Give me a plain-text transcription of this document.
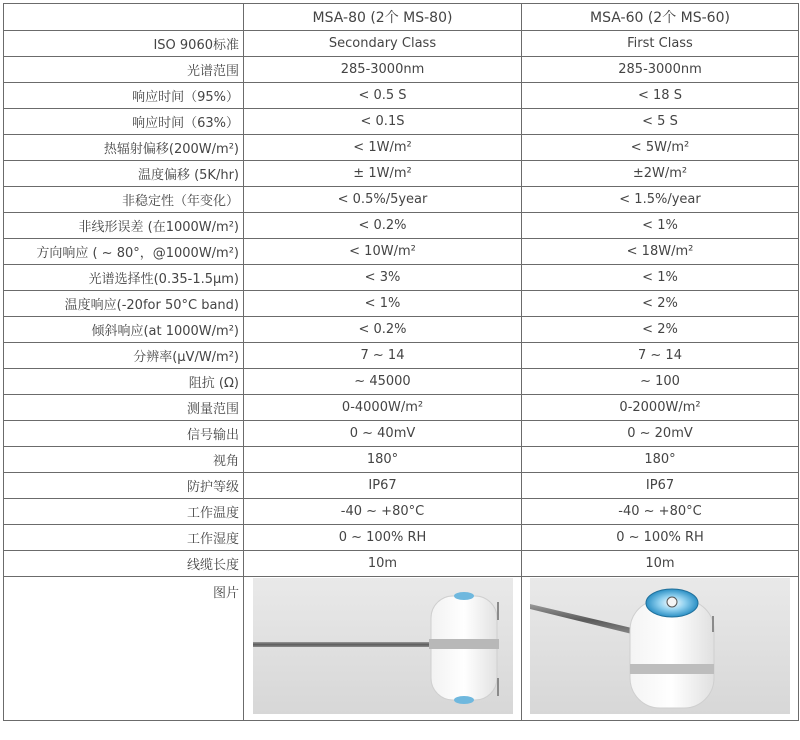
	MSA-80 (2个 MS-80)	MSA-60 (2个 MS-60)
ISO 9060标准	Secondary Class	First Class
光谱范围	285-3000nm	285-3000nm
响应时间（95%）	< 0.5 S	< 18 S
响应时间（63%）	< 0.1S	< 5 S
热辐射偏移(200W/m²)	< 1W/m²	< 5W/m²
温度偏移 (5K/hr)	± 1W/m²	±2W/m²
非稳定性（年变化）	< 0.5%/5year	< 1.5%/year
非线形误差 (在1000W/m²)	< 0.2%	< 1%
方向响应 ( ~ 80°，@1000W/m²)	< 10W/m²	< 18W/m²
光谱选择性(0.35-1.5μm)	< 3%	< 1%
温度响应(-20for 50°C band)	< 1%	< 2%
倾斜响应(at 1000W/m²)	< 0.2%	< 2%
分辨率(μV/W/m²)	7 ~ 14	7 ~ 14
阻抗 (Ω)	~ 45000	~ 100
测量范围	0-4000W/m²	0-2000W/m²
信号输出	0 ~ 40mV	0 ~ 20mV
视角	180°	180°
防护等级	IP67	IP67
工作温度	-40 ~ +80°C	-40 ~ +80°C
工作湿度	0 ~ 100% RH	0 ~ 100% RH
线缆长度	10m	10m
图片	
